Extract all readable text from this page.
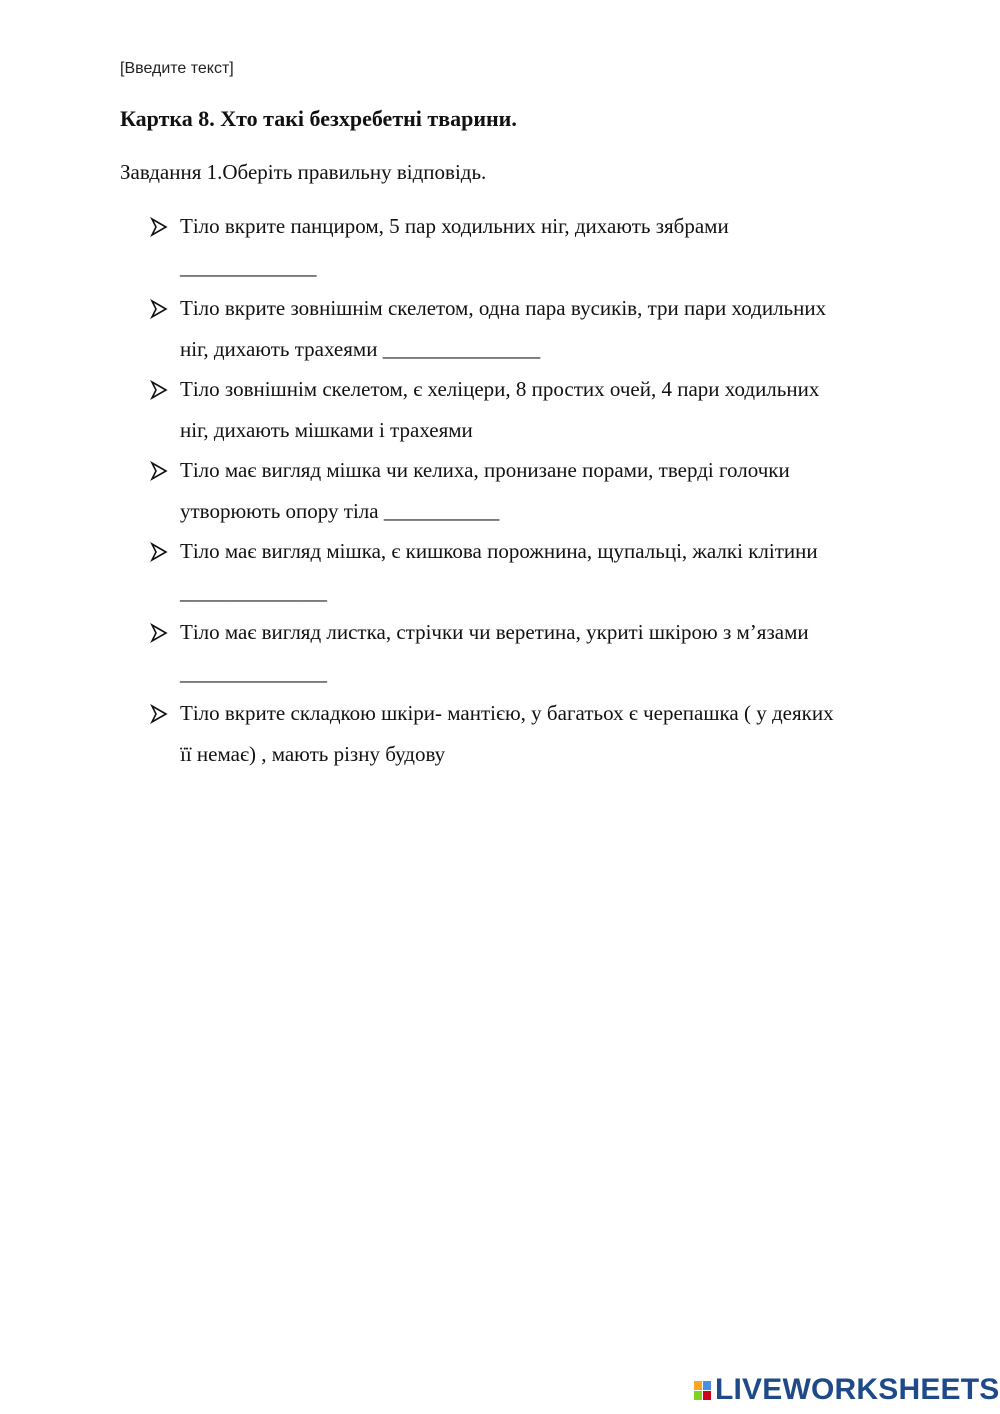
[Введите текст]
Картка 8. Хто такі безхребетні тварини.
Завдання 1.Оберіть правильну відповідь.
Тіло вкрите панциром, 5 пар ходильних ніг, дихають зябрами
_____________
Тіло вкрите зовнішнім скелетом, одна пара вусиків, три пари ходильних
ніг, дихають трахеями _______________
Тіло зовнішнім скелетом, є хеліцери, 8 простих очей, 4 пари ходильних
ніг, дихають мішками і трахеями
Тіло має вигляд мішка чи келиха, пронизане порами, тверді голочки
утворюють опору тіла ___________
Тіло має вигляд мішка, є кишкова порожнина, щупальці, жалкі клітини
______________
Тіло має вигляд листка, стрічки чи веретина, укриті шкірою з м’язами
______________
Тіло вкрите складкою шкіри- мантією, у багатьох є черепашка ( у деяких
її немає) , мають різну будову
LIVEWORKSHEETS
